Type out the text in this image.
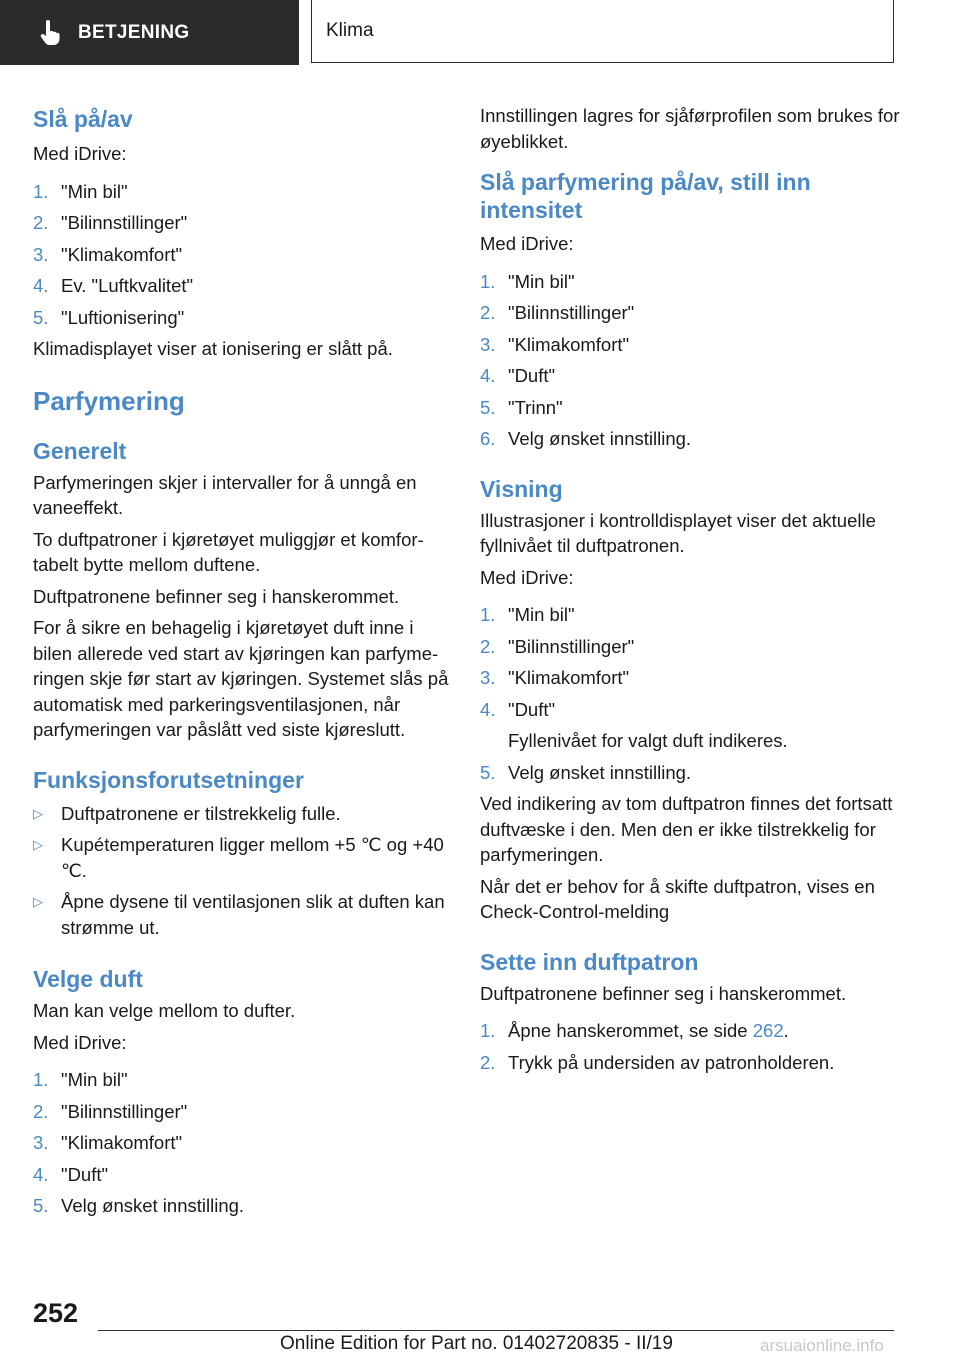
BETJENING	Klima
Slå på/av

Med iDrive:

1. "Min bil"
2. "Bilinnstillinger"
3. "Klimakomfort"
4. Ev. "Luftkvalitet"
5. "Luftionisering"

Klimadisplayet viser at ionisering er slått på.

Parfymering
Generelt

Parfymeringen skjer i intervaller for å unngå en vaneeffekt.

To duftpatroner i kjøretøyet muliggjør et komfortabelt bytte mellom duftene.

Duftpatronene befinner seg i hanskerommet.

For å sikre en behagelig i kjøretøyet duft inne i bilen allerede ved start av kjøringen kan parfymeringen skje før start av kjøringen. Systemet slås på automatisk med parkeringsventilasjonen, når parfymeringen var påslått ved siste kjøreslutt.

Funksjonsforutsetninger
▷ Duftpatronene er tilstrekkelig fulle.
▷ Kupétemperaturen ligger mellom +5 ℃ og +40 ℃.
▷ Åpne dysene til ventilasjonen slik at duften kan strømme ut.
Velge duft

Man kan velge mellom to dufter.

Med iDrive:

1. "Min bil"
2. "Bilinnstillinger"
3. "Klimakomfort"
4. "Duft"
5. Velg ønsket innstilling.

Innstillingen lagres for sjåførprofilen som brukes for øyeblikket.

Slå parfymering på/av, still inn intensitet

Med iDrive:

1. "Min bil"
2. "Bilinnstillinger"
3. "Klimakomfort"
4. "Duft"
5. "Trinn"
6. Velg ønsket innstilling.
Visning

Illustrasjoner i kontrolldisplayet viser det aktuelle fyllnivået til duftpatronen.

Med iDrive:

1. "Min bil"
2. "Bilinnstillinger"
3. "Klimakomfort"
4. "Duft"
Fyllenivået for valgt duft indikeres.
5. Velg ønsket innstilling.

Ved indikering av tom duftpatron finnes det fortsatt duftvæske i den. Men den er ikke tilstrekkelig for parfymeringen.

Når det er behov for å skifte duftpatron, vises en Check-Control-melding

Sette inn duftpatron

Duftpatronene befinner seg i hanskerommet.

1. Åpne hanskerommet, se side 262.
2. Trykk på undersiden av patronholderen.
252
Online Edition for Part no. 01402720835 - II/19	arsuaionline.info
